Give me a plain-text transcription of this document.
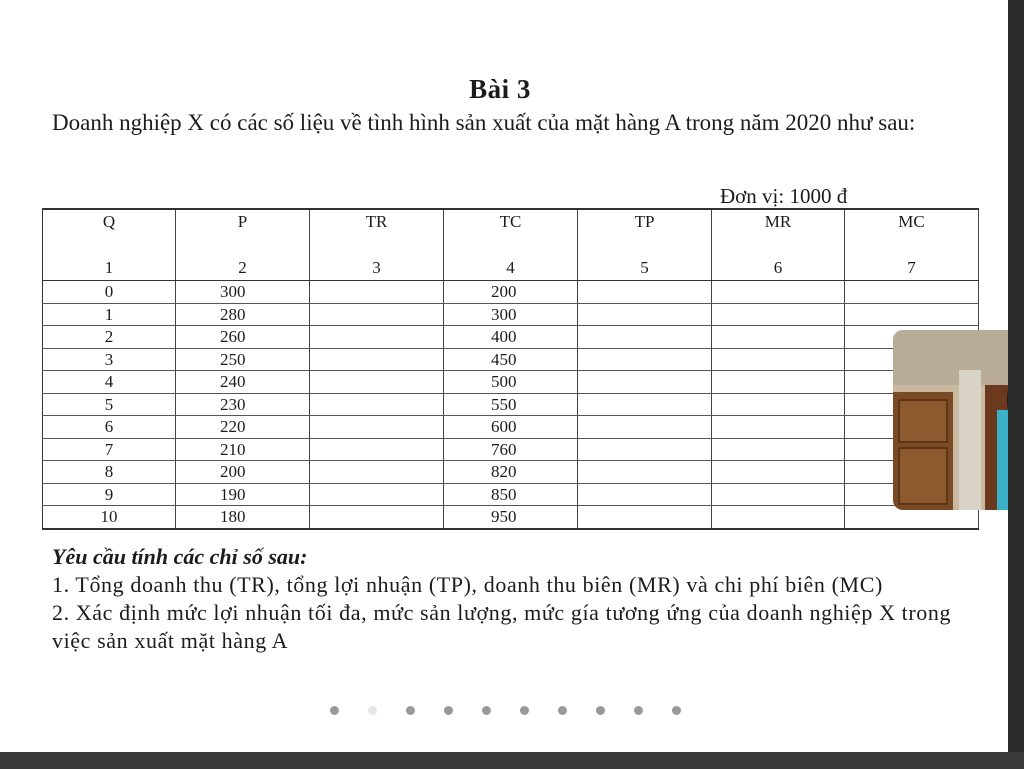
Bài 3

Doanh nghiệp X có các số liệu về tình hình sản xuất của mặt hàng A trong năm 2020 như sau:

Đơn vị: 1000 đ
Q	P	TR	TC	TP	MR	MC
1	2	3	4	5	6	7
0	300		200			
1	280		300			
2	260		400			
3	250		450			
4	240		500			
5	230		550			
6	220		600			
7	210		760			
8	200		820			
9	190		850			
10	180		950			

Yêu cầu tính các chỉ số sau:

1. Tổng doanh thu (TR), tổng lợi nhuận (TP), doanh thu biên (MR) và chi phí biên (MC)

2. Xác định mức lợi nhuận tối đa, mức sản lượng, mức gía tương ứng của doanh nghiệp X trong việc sản xuất mặt hàng A
